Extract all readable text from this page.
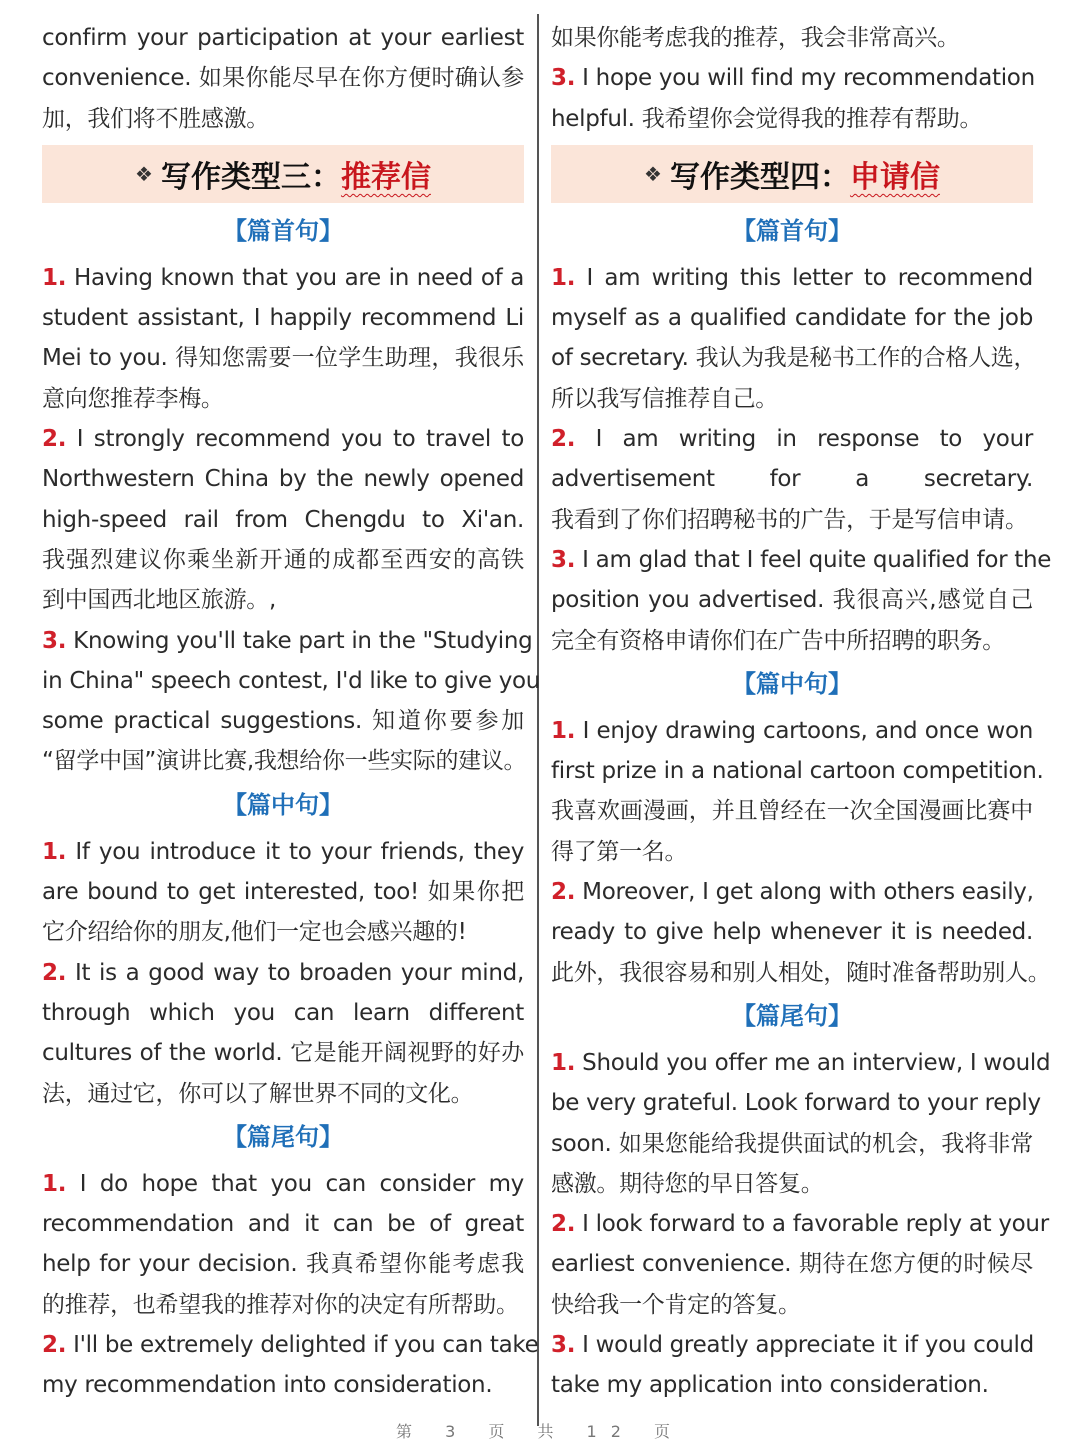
confirm your participation at your earliest
convenience. 如果你能尽早在你方便时确认参
加，我们将不胜感激。
❖ 写作类型三： 推荐信
【篇首句】
1. Having known that you are in need of a
student assistant, I happily recommend Li
Mei to you. 得知您需要一位学生助理，我很乐
意向您推荐李梅。
2. I strongly recommend you to travel to
Northwestern China by the newly opened
high-speed rail from Chengdu to Xi'an.
我强烈建议你乘坐新开通的成都至西安的高铁
到中国西北地区旅游。,
3. Knowing you'll take part in the "Studying
in China" speech contest, I'd like to give you
some practical suggestions. 知道你要参加
“留学中国”演讲比赛,我想给你一些实际的建议。
【篇中句】
1. If you introduce it to your friends, they
are bound to get interested, too! 如果你把
它介绍给你的朋友,他们一定也会感兴趣的!
2. It is a good way to broaden your mind,
through which you can learn different
cultures of the world. 它是能开阔视野的好办
法，通过它，你可以了解世界不同的文化。
【篇尾句】
1. I do hope that you can consider my
recommendation and it can be of great
help for your decision. 我真希望你能考虑我
的推荐，也希望我的推荐对你的决定有所帮助。
2. I'll be extremely delighted if you can take
my recommendation into consideration.
如果你能考虑我的推荐，我会非常高兴。
3. I hope you will find my recommendation
helpful. 我希望你会觉得我的推荐有帮助。
❖ 写作类型四： 申请信
【篇首句】
1. I am writing this letter to recommend
myself as a qualified candidate for the job
of secretary. 我认为我是秘书工作的合格人选，
所以我写信推荐自己。
2. I am writing in response to your
advertisement for a secretary.
我看到了你们招聘秘书的广告，于是写信申请。
3. I am glad that I feel quite qualified for the
position you advertised. 我很高兴,感觉自己
完全有资格申请你们在广告中所招聘的职务。
【篇中句】
1. I enjoy drawing cartoons, and once won
first prize in a national cartoon competition.
我喜欢画漫画，并且曾经在一次全国漫画比赛中
得了第一名。
2. Moreover, I get along with others easily,
ready to give help whenever it is needed.
此外，我很容易和别人相处，随时准备帮助别人。
【篇尾句】
1. Should you offer me an interview, I would
be very grateful. Look forward to your reply
soon. 如果您能给我提供面试的机会，我将非常
感激。期待您的早日答复。
2. I look forward to a favorable reply at your
earliest convenience. 期待在您方便的时候尽
快给我一个肯定的答复。
3. I would greatly appreciate it if you could
take my application into consideration.
第 3 页 共 12 页
